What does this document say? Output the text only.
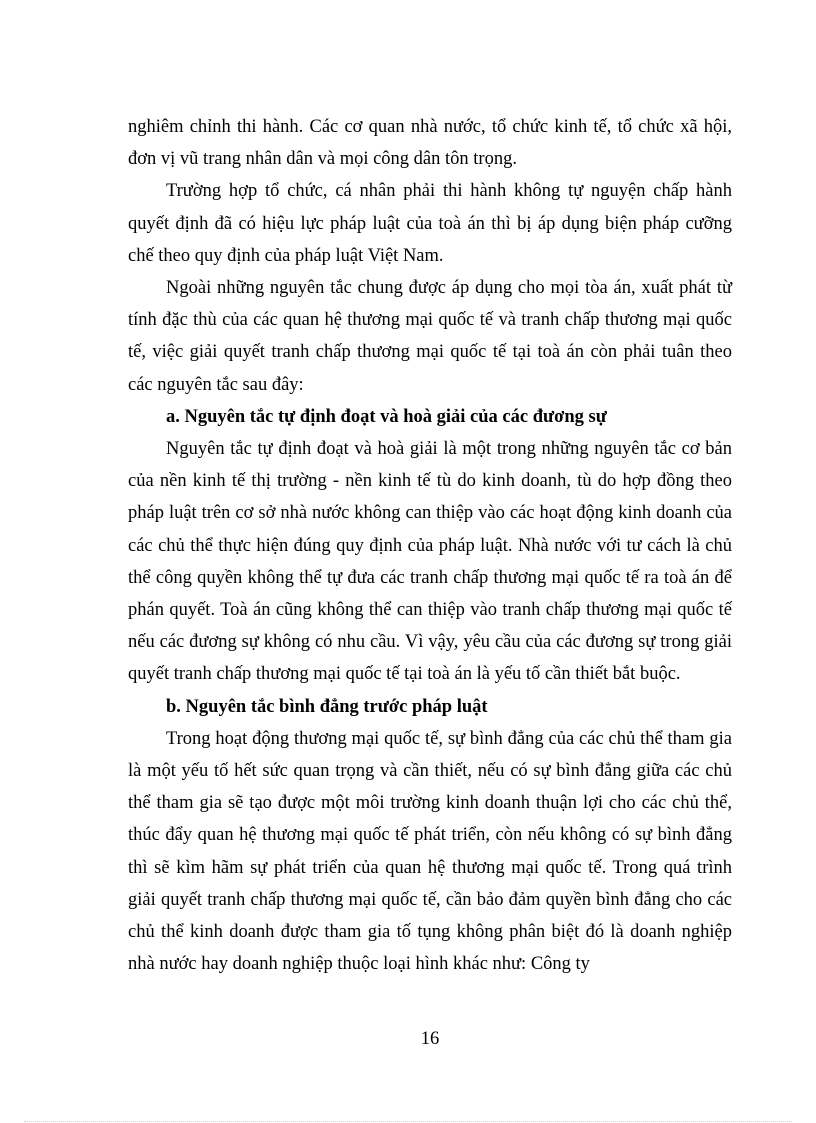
nghiêm chỉnh thi hành. Các cơ quan nhà nước, tổ chức kinh tế, tổ chức xã hội, đơn vị vũ trang nhân dân và mọi công dân tôn trọng.

Trường hợp tổ chức, cá nhân phải thi hành không tự nguyện chấp hành quyết định đã có hiệu lực pháp luật của toà án thì bị áp dụng biện pháp cưỡng chế theo quy định của pháp luật Việt Nam.

Ngoài những nguyên tắc chung được áp dụng cho mọi tòa án, xuất phát từ tính đặc thù của các quan hệ thương mại quốc tế và tranh chấp thương mại quốc tế, việc giải quyết tranh chấp thương mại quốc tế tại toà án còn phải tuân theo các nguyên tắc sau đây:

a. Nguyên tắc tự định đoạt và hoà giải của các đương sự

Nguyên tắc tự định đoạt và hoà giải là một trong những nguyên tắc cơ bản của nền kinh tế thị trường - nền kinh tế tù do kinh doanh, tù do hợp đồng theo pháp luật trên cơ sở nhà nước không can thiệp vào các hoạt động kinh doanh của các chủ thể thực hiện đúng quy định của pháp luật. Nhà nước với tư cách là chủ thể công quyền không thể tự đưa các tranh chấp thương mại quốc tế ra toà án để phán quyết. Toà án cũng không thể can thiệp vào tranh chấp thương mại quốc tế nếu các đương sự không có nhu cầu. Vì vậy, yêu cầu của các đương sự trong giải quyết tranh chấp thương mại quốc tế tại toà án là yếu tố cần thiết bắt buộc.

b. Nguyên tắc bình đẳng trước pháp luật

Trong hoạt động thương mại quốc tế, sự bình đẳng của các chủ thể tham gia là một yếu tố hết sức quan trọng và cần thiết, nếu có sự bình đẳng giữa các chủ thể tham gia sẽ tạo được một môi trường kinh doanh thuận lợi cho các chủ thể, thúc đẩy quan hệ thương mại quốc tế phát triển, còn nếu không có sự bình đẳng thì sẽ kìm hãm sự phát triển của quan hệ thương mại quốc tế. Trong quá trình giải quyết tranh chấp thương mại quốc tế, cần bảo đảm quyền bình đẳng cho các chủ thể kinh doanh được tham gia tố tụng không phân biệt đó là doanh nghiệp nhà nước hay doanh nghiệp thuộc loại hình khác như: Công ty

16
